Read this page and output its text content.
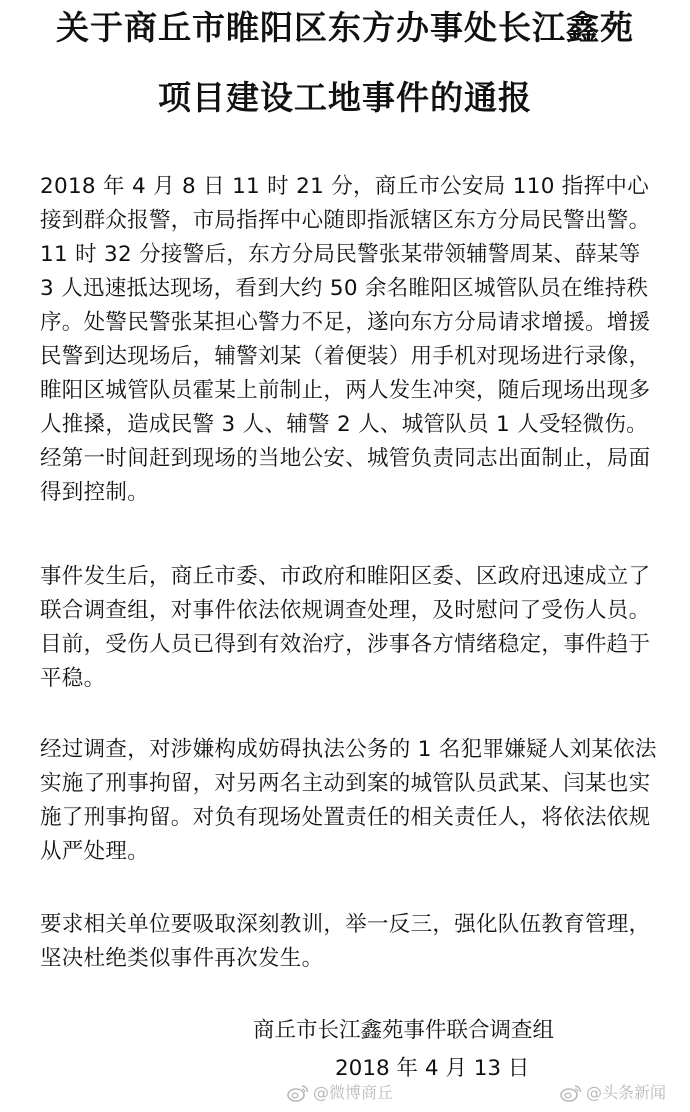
关于商丘市睢阳区东方办事处长江鑫苑
项目建设工地事件的通报

2018 年 4 月 8 日 11 时 21 分，商丘市公安局 110 指挥中心接到群众报警，市局指挥中心随即指派辖区东方分局民警出警。11 时 32 分接警后，东方分局民警张某带领辅警周某、薛某等 3 人迅速抵达现场，看到大约 50 余名睢阳区城管队员在维持秩序。处警民警张某担心警力不足，遂向东方分局请求增援。增援民警到达现场后，辅警刘某（着便装）用手机对现场进行录像，睢阳区城管队员霍某上前制止，两人发生冲突，随后现场出现多人推搡，造成民警 3 人、辅警 2 人、城管队员 1 人受轻微伤。经第一时间赶到现场的当地公安、城管负责同志出面制止，局面得到控制。

事件发生后，商丘市委、市政府和睢阳区委、区政府迅速成立了联合调查组，对事件依法依规调查处理，及时慰问了受伤人员。目前，受伤人员已得到有效治疗，涉事各方情绪稳定，事件趋于平稳。

经过调查，对涉嫌构成妨碍执法公务的 1 名犯罪嫌疑人刘某依法实施了刑事拘留，对另两名主动到案的城管队员武某、闫某也实施了刑事拘留。对负有现场处置责任的相关责任人，将依法依规从严处理。

要求相关单位要吸取深刻教训，举一反三，强化队伍教育管理，坚决杜绝类似事件再次发生。

商丘市长江鑫苑事件联合调查组
2018 年 4 月 13 日
@微博商丘	@头条新闻
